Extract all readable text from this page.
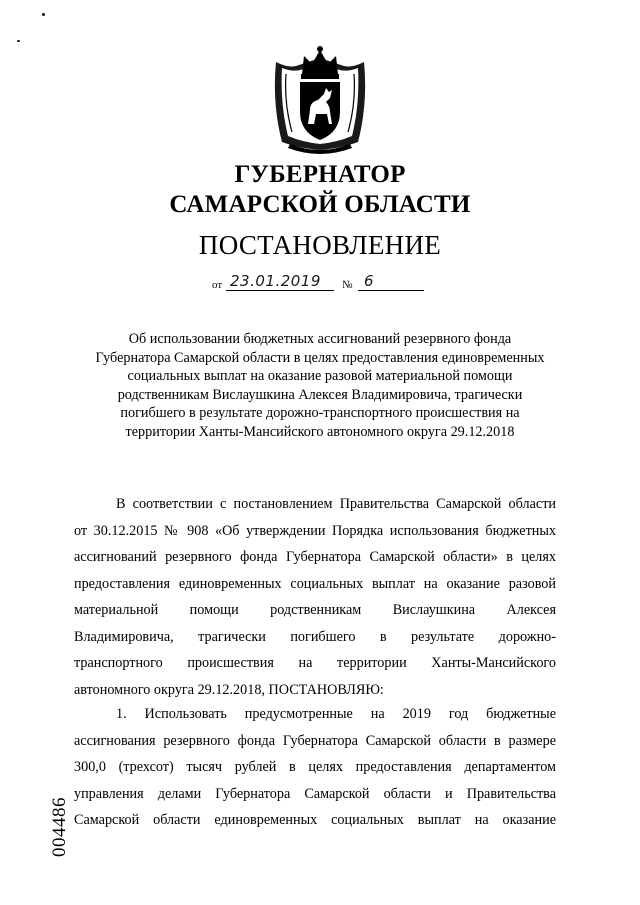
ГУБЕРНАТОР
САМАРСКОЙ ОБЛАСТИ
ПОСТАНОВЛЕНИЕ
от 23.01.2019 № 6
Об использовании бюджетных ассигнований резервного фонда
Губернатора Самарской области в целях предоставления единовременных
социальных выплат на оказание разовой материальной помощи
родственникам Вислаушкина Алексея Владимировича, трагически
погибшего в результате дорожно-транспортного происшествия на
территории Ханты-Мансийского автономного округа 29.12.2018
В соответствии с постановлением Правительства Самарской области
от 30.12.2015 № 908 «Об утверждении Порядка использования бюджетных
ассигнований резервного фонда Губернатора Самарской области» в целях
предоставления единовременных социальных выплат на оказание разовой
материальной помощи родственникам Вислаушкина Алексея
Владимировича, трагически погибшего в результате дорожно-
транспортного происшествия на территории Ханты-Мансийского
автономного округа 29.12.2018, ПОСТАНОВЛЯЮ:
1. Использовать предусмотренные на 2019 год бюджетные
ассигнования резервного фонда Губернатора Самарской области в размере
300,0 (трехсот) тысяч рублей в целях предоставления департаментом
управления делами Губернатора Самарской области и Правительства
Самарской области единовременных социальных выплат на оказание
004486
